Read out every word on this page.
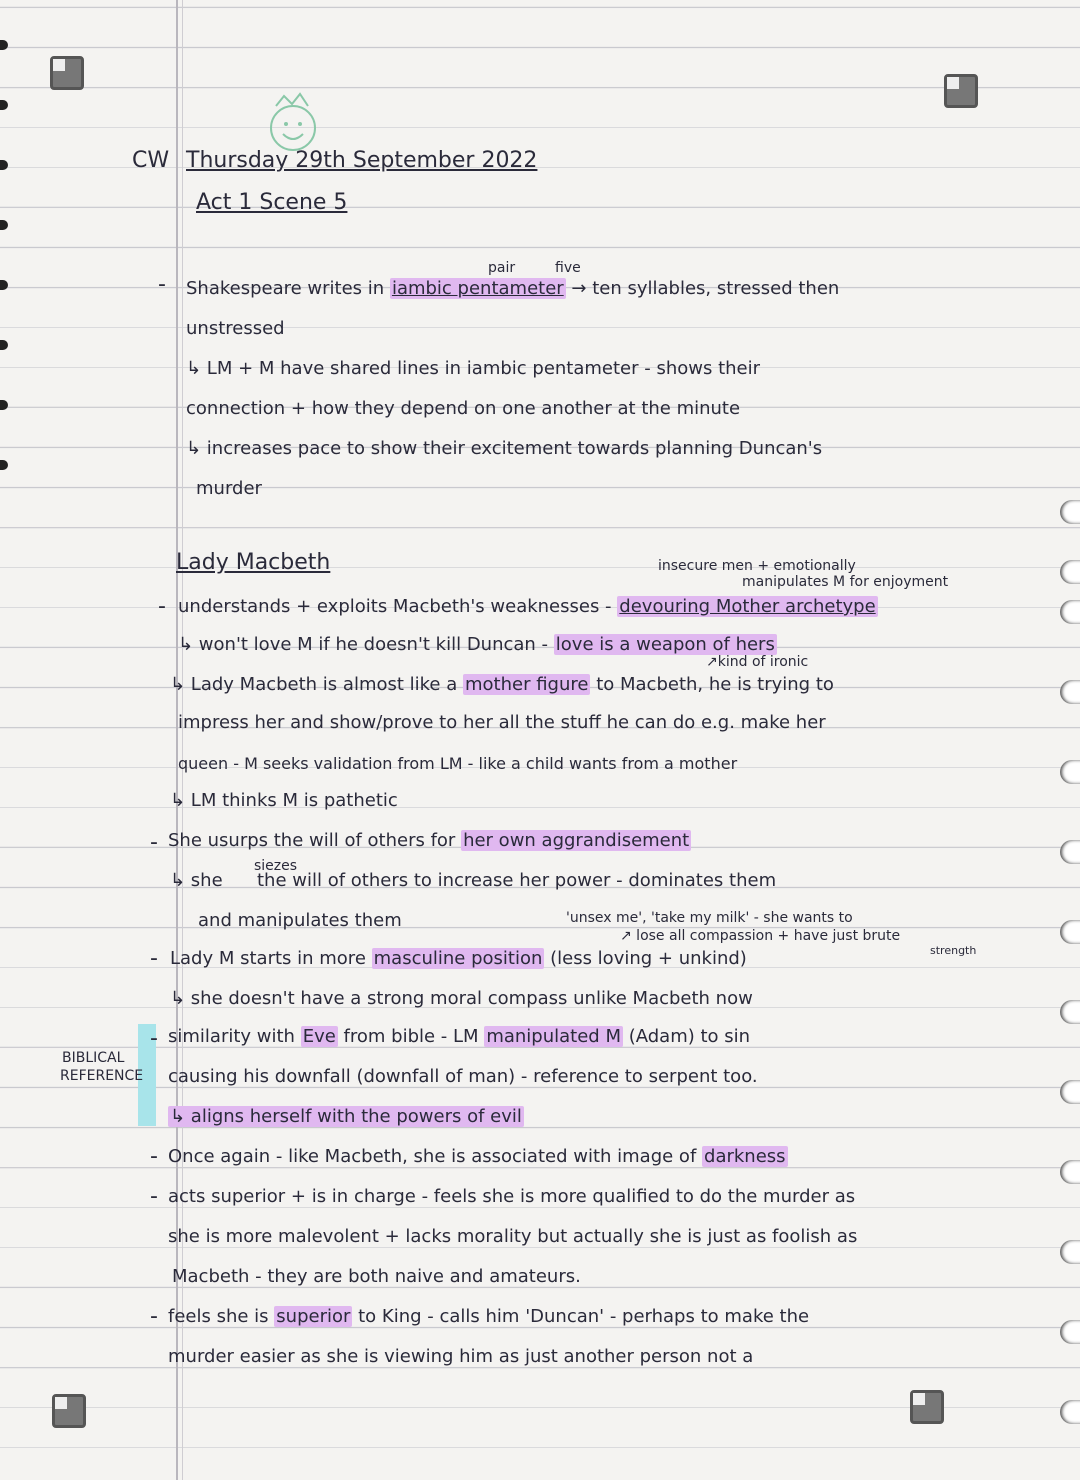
CW Thursday 29th September 2022
Act 1 Scene 5
-
pair	five
Shakespeare writes in iambic pentameter → ten syllables, stressed then
unstressed
↳ LM + M have shared lines in iambic pentameter - shows their
connection + how they depend on one another at the minute
↳ increases pace to show their excitement towards planning Duncan's
murder
Lady Macbeth	insecure men + emotionally
manipulates M for enjoyment
- understands + exploits Macbeth's weaknesses - devouring Mother archetype
↳ won't love M if he doesn't kill Duncan - love is a weapon of hers
↗kind of ironic
↳ Lady Macbeth is almost like a mother figure to Macbeth, he is trying to
impress her and show/prove to her all the stuff he can do e.g. make her
queen - M seeks validation from LM - like a child wants from a mother
↳ LM thinks M is pathetic
- She usurps the will of others for her own aggrandisement
siezes
↳ she ​ ​ ​ ​ ​ the will of others to increase her power - dominates them
and manipulates them	'unsex me', 'take my milk' - she wants to
↗ lose all compassion + have just brute
strength
- Lady M starts in more masculine position (less loving + unkind)
↳ she doesn't have a strong moral compass unlike Macbeth now
BIBLICAL
REFERENCE
- similarity with Eve from bible - LM manipulated M (Adam) to sin
causing his downfall (downfall of man) - reference to serpent too.
↳ aligns herself with the powers of evil
- Once again - like Macbeth, she is associated with image of darkness
- acts superior + is in charge - feels she is more qualified to do the murder as
she is more malevolent + lacks morality but actually she is just as foolish as
Macbeth - they are both naive and amateurs.
- feels she is superior to King - calls him 'Duncan' - perhaps to make the
murder easier as she is viewing him as just another person not a
